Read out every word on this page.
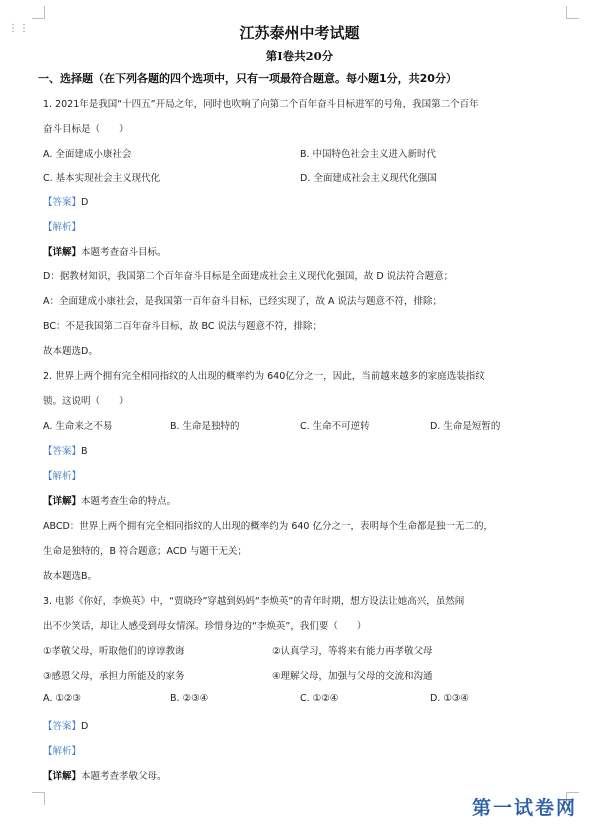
⋮⋮	江苏泰州中考试题
第Ⅰ卷共20分
一、选择题（在下列各题的四个选项中，只有一项最符合题意。每小题1分，共20分）
1. 2021年是我国“十四五”开局之年，同时也吹响了向第二个百年奋斗目标进军的号角，我国第二个百年
奋斗目标是（　　）
A. 全面建成小康社会	B. 中国特色社会主义进入新时代
C. 基本实现社会主义现代化	D. 全面建成社会主义现代化强国
【答案】D
【解析】
【详解】本题考查奋斗目标。
D：据教材知识，我国第二个百年奋斗目标是全面建成社会主义现代化强国，故 D 说法符合题意；
A：全面建成小康社会，是我国第一百年奋斗目标，已经实现了，故 A 说法与题意不符，排除；
BC：不是我国第二百年奋斗目标，故 BC 说法与题意不符，排除；
故本题选D。
2. 世界上两个拥有完全相同指纹的人出现的概率约为 640亿分之一，因此，当前越来越多的家庭选装指纹
锁。这说明（　　）
A. 生命来之不易	B. 生命是独特的	C. 生命不可逆转	D. 生命是短暂的
【答案】B
【解析】
【详解】本题考查生命的特点。
ABCD：世界上两个拥有完全相同指纹的人出现的概率约为 640 亿分之一，表明每个生命都是独一无二的，
生命是独特的，B 符合题意；ACD 与题干无关；
故本题选B。
3. 电影《你好，李焕英》中，“贾晓玲”穿越到妈妈“李焕英”的青年时期，想方设法让她高兴，虽然闹
出不少笑话，却让人感受到母女情深。珍惜身边的“李焕英”，我们要（　　）
①孝敬父母，听取他们的谆谆教诲	②认真学习，等将来有能力再孝敬父母
③感恩父母，承担力所能及的家务	④理解父母，加强与父母的交流和沟通
A. ①②③	B. ②③④	C. ①②④	D. ①③④
【答案】D
【解析】
【详解】本题考查孝敬父母。
第一试卷网
